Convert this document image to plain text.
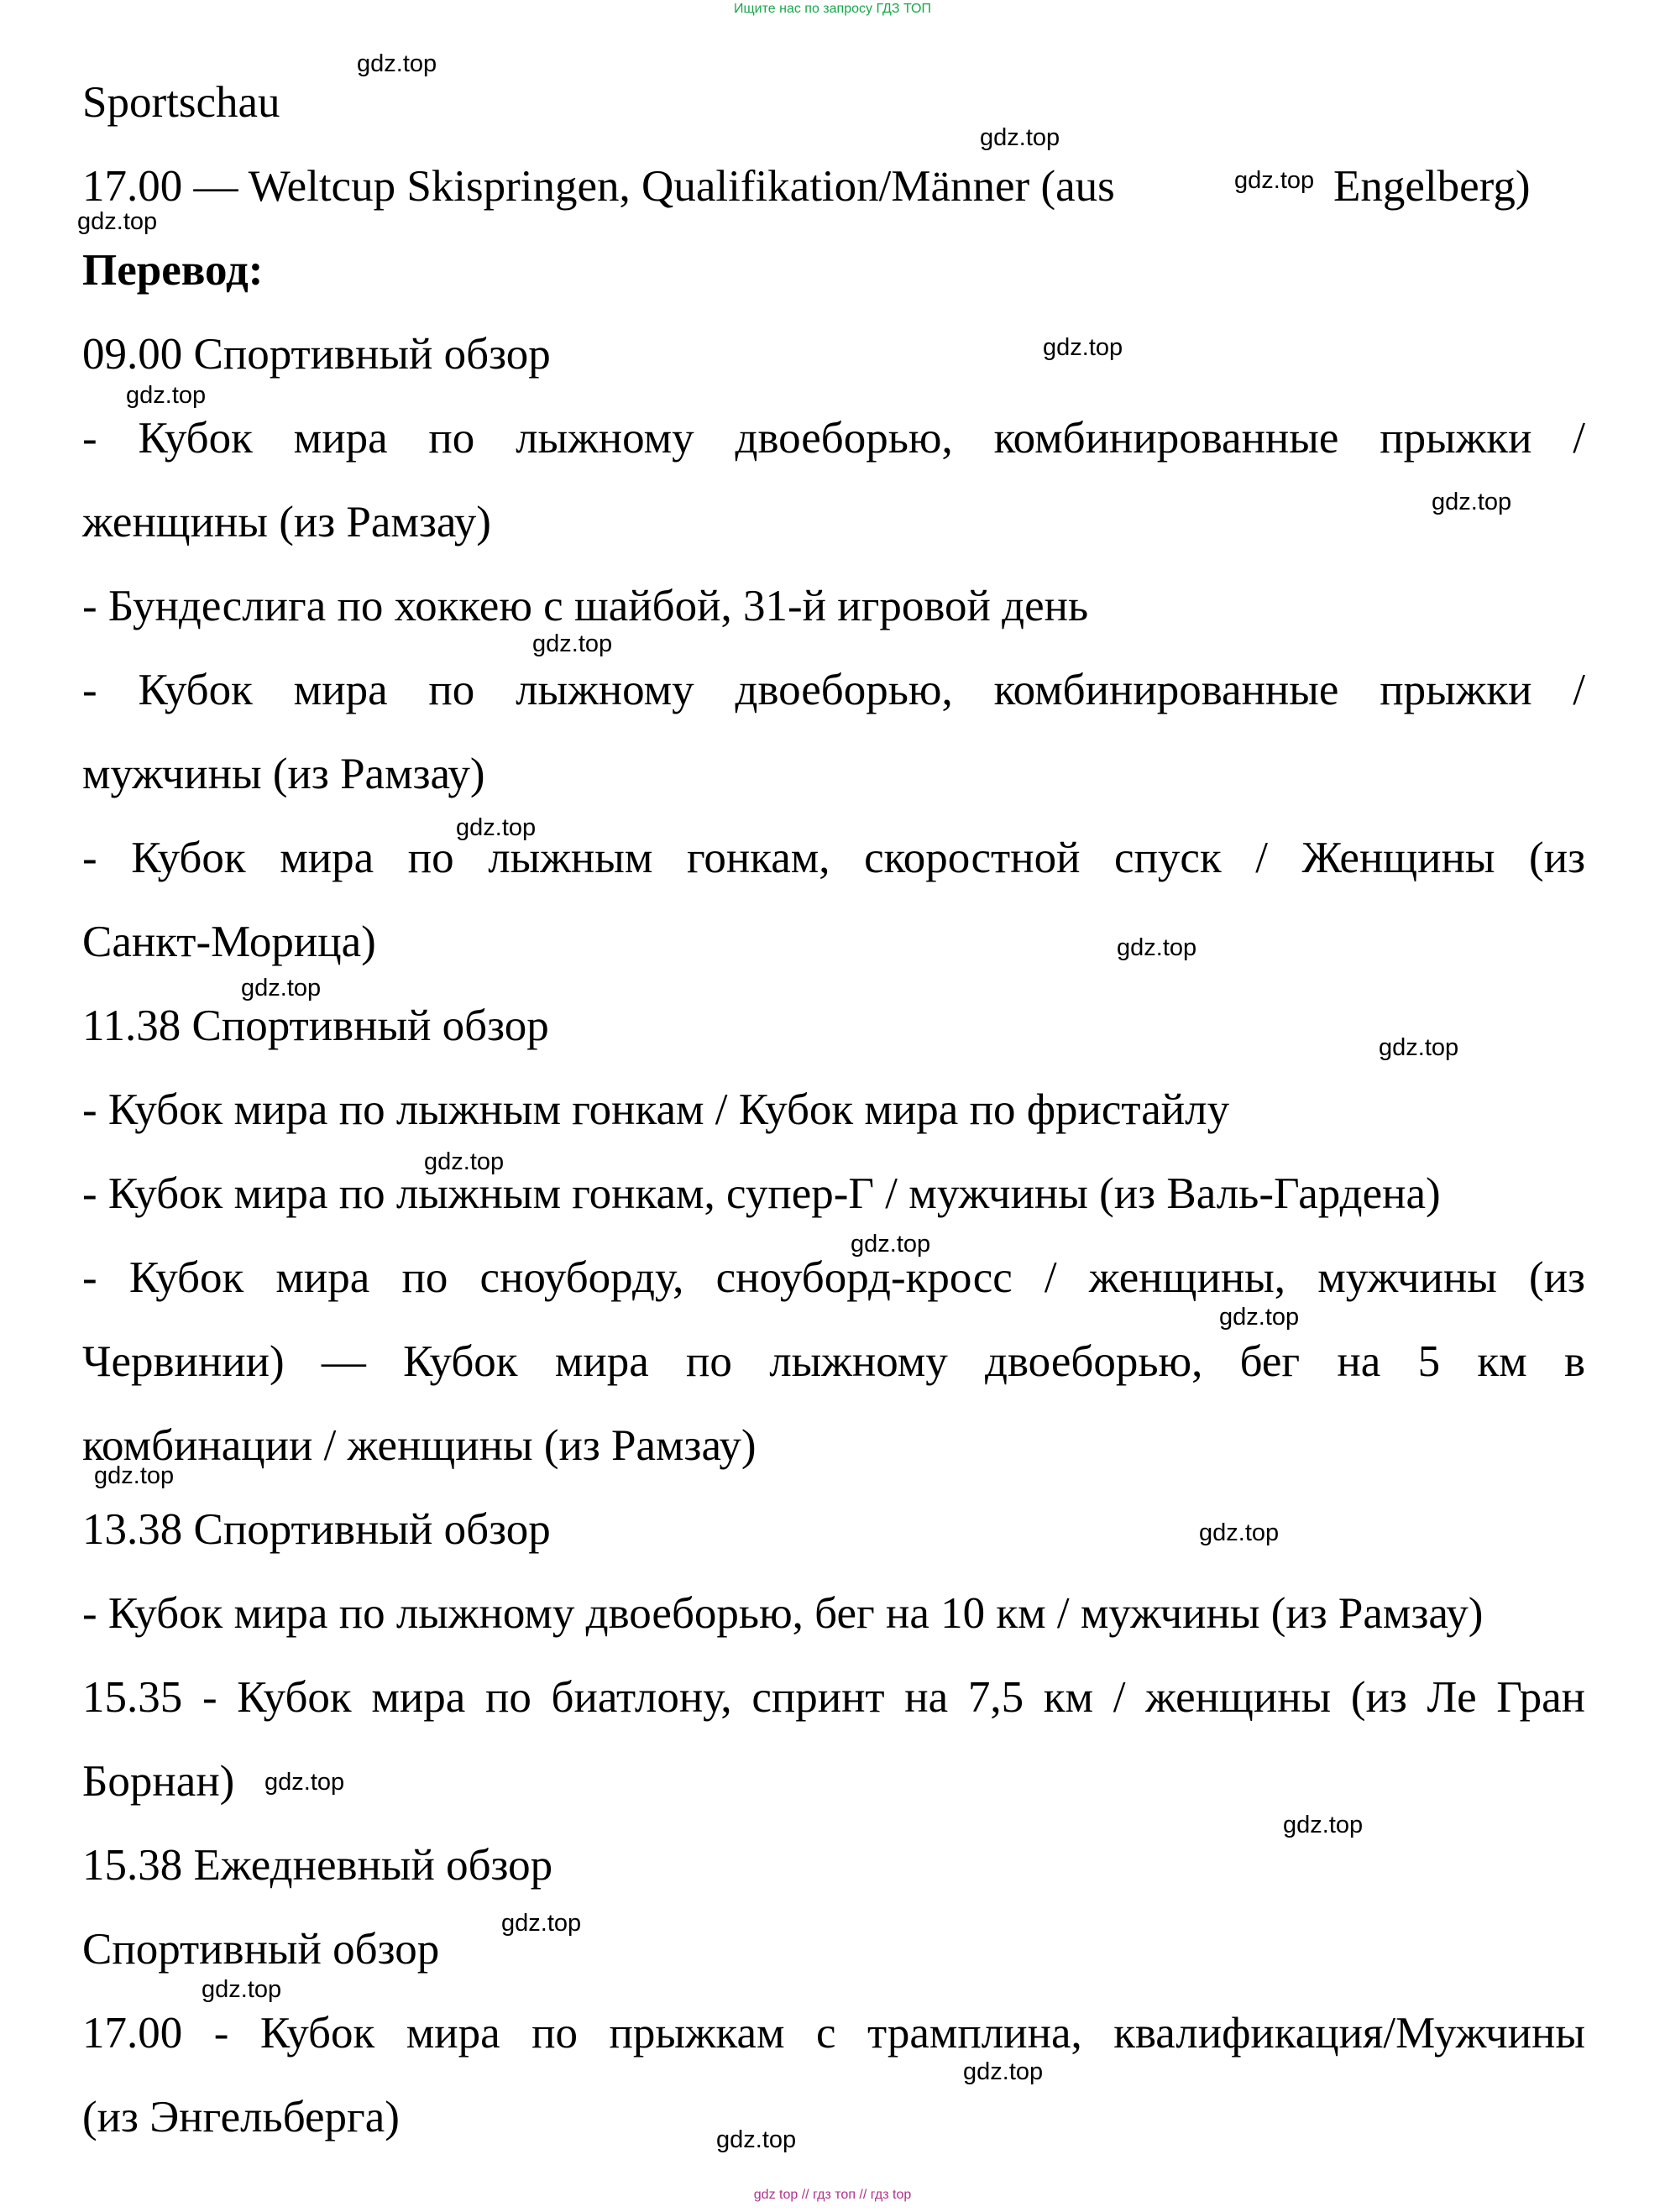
Ищите нас по запросу ГДЗ ТОП
Sportschau
17.00 — Weltcup Skispringen, Qualifikation/Männer (aus	Engelberg)
Перевод:
09.00 Спортивный обзор
- Кубок мира по лыжному двоеборью, комбинированные прыжки /
женщины (из Рамзау)
- Бундеслига по хоккею с шайбой, 31-й игровой день
- Кубок мира по лыжному двоеборью, комбинированные прыжки /
мужчины (из Рамзау)
- Кубок мира по лыжным гонкам, скоростной спуск / Женщины (из
Санкт-Морица)
11.38 Спортивный обзор
- Кубок мира по лыжным гонкам / Кубок мира по фристайлу
- Кубок мира по лыжным гонкам, супер-Г / мужчины (из Валь-Гардена)
- Кубок мира по сноуборду, сноуборд-кросс / женщины, мужчины (из
Червинии) — Кубок мира по лыжному двоеборью, бег на 5 км в
комбинации / женщины (из Рамзау)
13.38 Спортивный обзор
- Кубок мира по лыжному двоеборью, бег на 10 км / мужчины (из Рамзау)
15.35 - Кубок мира по биатлону, спринт на 7,5 км / женщины (из Ле Гран
Борнан)
15.38 Ежедневный обзор
Спортивный обзор
17.00 - Кубок мира по прыжкам с трамплина, квалификация/Мужчины
(из Энгельберга)
gdz.top
gdz.top
gdz.top
gdz.top
gdz.top
gdz.top
gdz.top
gdz.top
gdz.top
gdz.top
gdz.top
gdz.top
gdz.top
gdz.top
gdz.top
gdz.top
gdz.top
gdz.top
gdz.top
gdz.top
gdz.top
gdz.top
gdz.top
gdz top // гдз топ // гдз top
